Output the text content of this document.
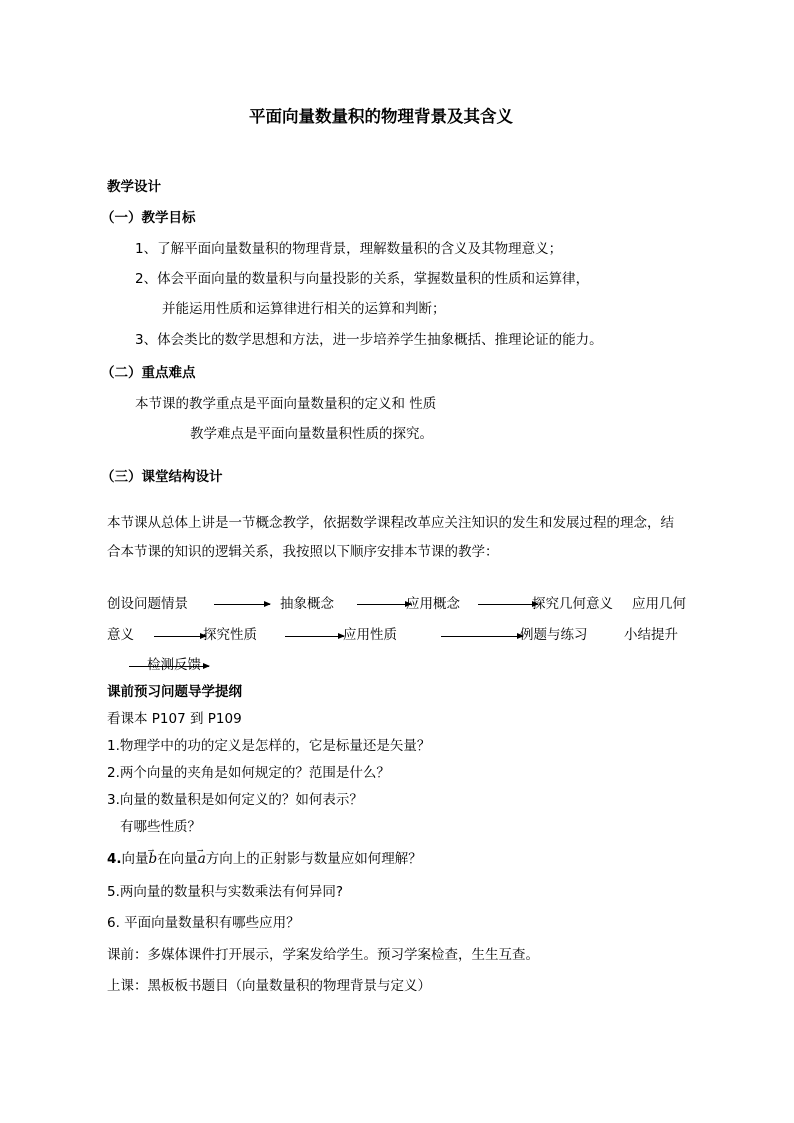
平面向量数量积的物理背景及其含义
教学设计
（一）教学目标
1、了解平面向量数量积的物理背景，理解数量积的含义及其物理意义；
2、体会平面向量的数量积与向量投影的关系，掌握数量积的性质和运算律，
并能运用性质和运算律进行相关的运算和判断；
3、体会类比的数学思想和方法，进一步培养学生抽象概括、推理论证的能力。
（二）重点难点
本节课的教学重点是平面向量数量积的定义和 性质
教学难点是平面向量数量积性质的探究。
（三）课堂结构设计
本节课从总体上讲是一节概念教学，依据数学课程改革应关注知识的发生和发展过程的理念，结
合本节课的知识的逻辑关系，我按照以下顺序安排本节课的教学：
创设问题情景	抽象概念	应用概念	探究几何意义 应用几何
意义	探究性质	应用性质	例题与练习	小结提升
检测反馈
课前预习问题导学提纲
看课本 P107 到 P109
1.物理学中的功的定义是怎样的，它是标量还是矢量？
2.两个向量的夹角是如何规定的？范围是什么？
3.向量的数量积是如何定义的？如何表示？
有哪些性质？
4.向量→ b在向量→ a方向上的正射影与数量应如何理解？
5.两向量的数量积与实数乘法有何异同?
6. 平面向量数量积有哪些应用？
课前：多媒体课件打开展示，学案发给学生。预习学案检查，生生互查。
上课：黑板板书题目（向量数量积的物理背景与定义）
